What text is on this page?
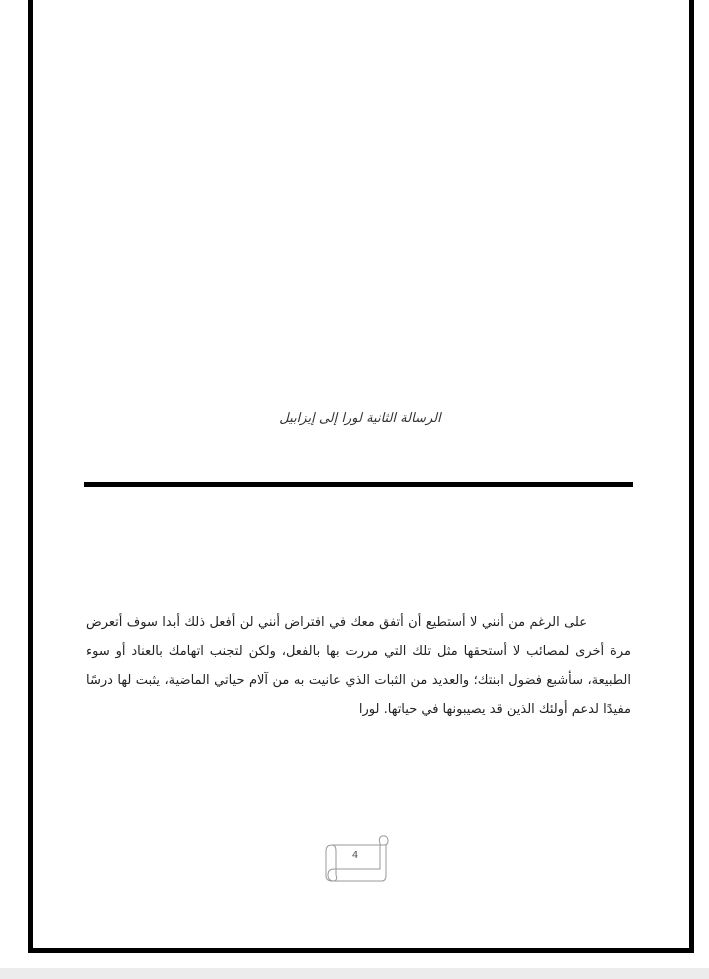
الرسالة الثانية لورا إلى إيزابيل
على الرغم من أنني لا أستطيع أن أتفق معك في افتراض أنني لن أفعل ذلك أبدا سوف أتعرض مرة أخرى لمصائب لا أستحقها مثل تلك التي مررت بها بالفعل، ولكن لتجنب اتهامك بالعناد أو سوء الطبيعة، سأشبع فضول ابنتك؛ والعديد من الثبات الذي عانيت به من آلام حياتي الماضية، يثبت لها درسًا مفيدًا لدعم أولئك الذين قد يصيبونها في حياتها. لورا
4
